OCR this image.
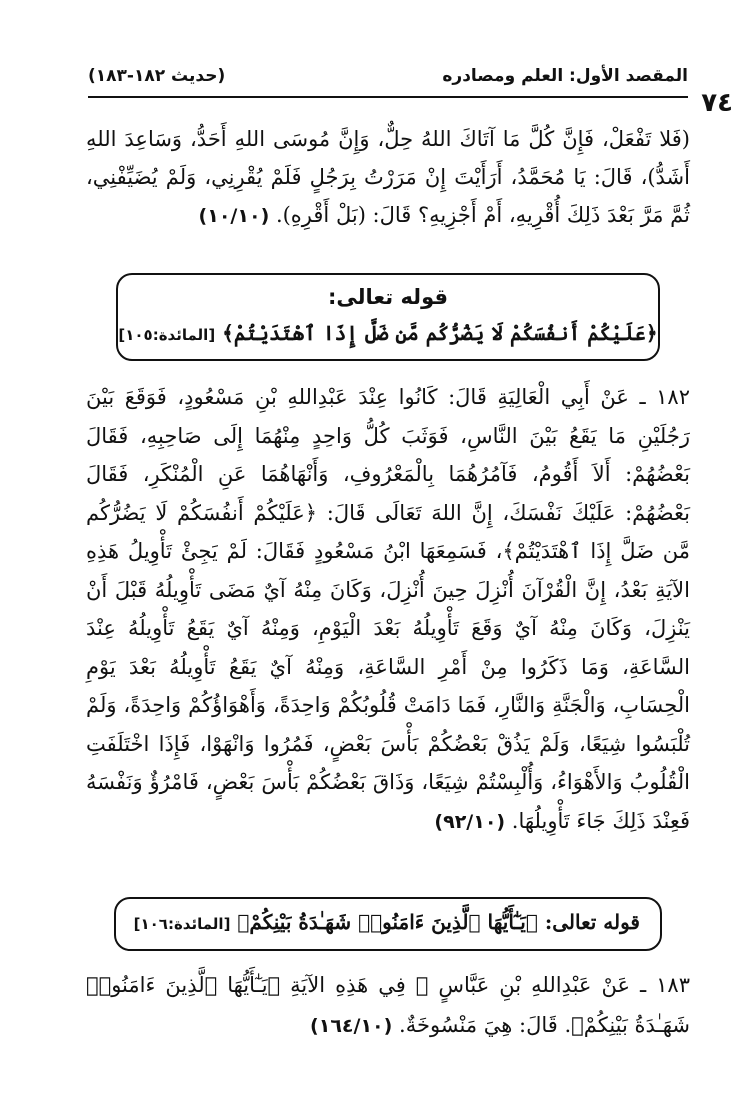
٧٤
المقصد الأول: العلم ومصادره
(حديث ١٨٢-١٨٣)
(فَلا تَفْعَلْ، فَإِنَّ كُلَّ مَا آتَاكَ اللهُ حِلٌّ، وَإِنَّ مُوسَى اللهِ أَحَدُّ، وَسَاعِدَ اللهِ أَشَدُّ)، قَالَ: يَا مُحَمَّدُ، أَرَأَيْتَ إِنْ مَرَرْتُ بِرَجُلٍ فَلَمْ يُقْرِنِي، وَلَمْ يُضَيِّفْنِي، ثُمَّ مَرَّ بَعْدَ ذَلِكَ أُقْرِيهِ، أَمْ أَجْزِيهِ؟ قَالَ: (بَلْ أَقْرِهِ). (١٠/١٠)
قوله تعالى:
﴿عَلَيْكُمْ أَنفُسَكُمْ لَا يَضُرُّكُم مَّن ضَلَّ إِذَا ٱهْتَدَيْتُمْ﴾ [المائدة:١٠٥]
١٨٢ ـ عَنْ أَبِي الْعَالِيَةِ قَالَ: كَانُوا عِنْدَ عَبْدِاللهِ بْنِ مَسْعُودٍ، فَوَقَعَ بَيْنَ رَجُلَيْنِ مَا يَقَعُ بَيْنَ النَّاسِ، فَوَثَبَ كُلُّ وَاحِدٍ مِنْهُمَا إِلَى صَاحِبِهِ، فَقَالَ بَعْضُهُمْ: أَلاَ أَقُومُ، فَآمُرُهُمَا بِالْمَعْرُوفِ، وَأَنْهَاهُمَا عَنِ الْمُنْكَرِ، فَقَالَ بَعْضُهُمْ: عَلَيْكَ نَفْسَكَ، إِنَّ اللهَ تَعَالَى قَالَ: ﴿عَلَيْكُمْ أَنفُسَكُمْ لَا يَضُرُّكُم مَّن ضَلَّ إِذَا ٱهْتَدَيْتُمْ﴾، فَسَمِعَهَا ابْنُ مَسْعُودٍ فَقَالَ: لَمْ يَجِئْ تَأْوِيلُ هَذِهِ الآيَةِ بَعْدُ، إِنَّ الْقُرْآنَ أُنْزِلَ حِينَ أُنْزِلَ، وَكَانَ مِنْهُ آيٌ مَضَى تَأْوِيلُهُ قَبْلَ أَنْ يَنْزِلَ، وَكَانَ مِنْهُ آيٌ وَقَعَ تَأْوِيلُهُ بَعْدَ الْيَوْمِ، وَمِنْهُ آيٌ يَقَعُ تَأْوِيلُهُ عِنْدَ السَّاعَةِ، وَمَا ذَكَرُوا مِنْ أَمْرِ السَّاعَةِ، وَمِنْهُ آيٌ يَقَعُ تَأْوِيلُهُ بَعْدَ يَوْمِ الْحِسَابِ، وَالْجَنَّةِ وَالنَّارِ، فَمَا دَامَتْ قُلُوبُكُمْ وَاحِدَةً، وَأَهْوَاؤُكُمْ وَاحِدَةً، وَلَمْ تُلْبَسُوا شِيَعًا، وَلَمْ يَذُقْ بَعْضُكُمْ بَأْسَ بَعْضٍ، فَمُرُوا وَانْهَوْا، فَإِذَا اخْتَلَفَتِ الْقُلُوبُ وَالأَهْوَاءُ، وَأُلْبِسْتُمْ شِيَعًا، وَذَاقَ بَعْضُكُمْ بَأْسَ بَعْضٍ، فَامْرُؤٌ وَنَفْسَهُ فَعِنْدَ ذَلِكَ جَاءَ تَأْوِيلُهَا. (٩٢/١٠)
قوله تعالى: ﴿يَـٰٓأَيُّهَا ٱلَّذِينَ ءَامَنُوا۟ شَهَـٰدَةُ بَيْنِكُمْ﴾ [المائدة:١٠٦]
١٨٣ ـ عَنْ عَبْدِاللهِ بْنِ عَبَّاسٍ ﷺ فِي هَذِهِ الآيَةِ ﴿يَـٰٓأَيُّهَا ٱلَّذِينَ ءَامَنُوا۟ شَهَـٰدَةُ بَيْنِكُمْ﴾. قَالَ: هِيَ مَنْسُوخَةٌ. (١٦٤/١٠)
